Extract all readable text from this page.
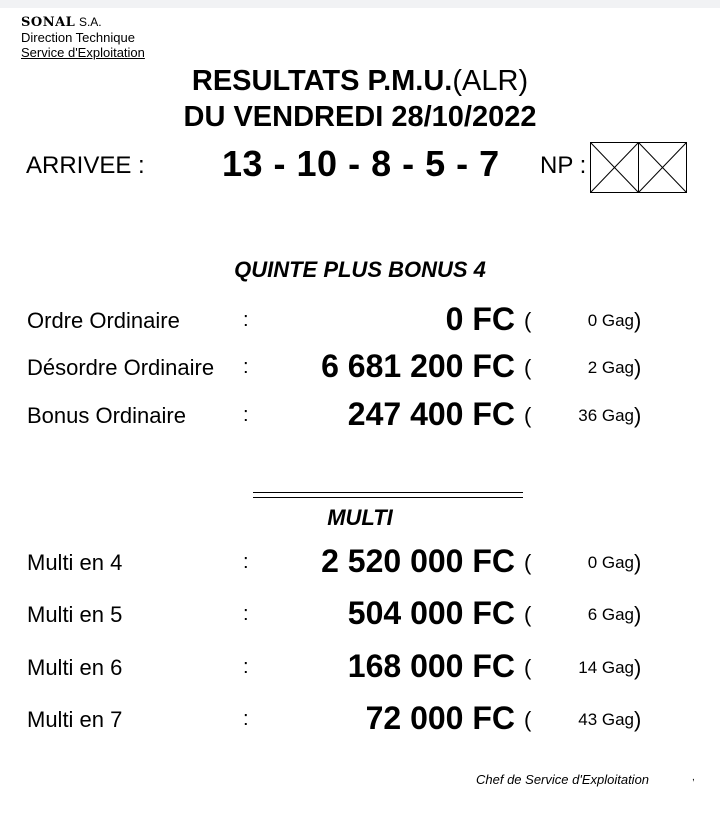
SONAL S.A.
Direction Technique
Service d'Exploitation
RESULTATS P.M.U.(ALR)
DU VENDREDI 28/10/2022
ARRIVEE : 13 - 10 - 8 - 5 - 7 NP :
QUINTE PLUS BONUS 4
Ordre Ordinaire	:	0 FC (	0 Gag )
Désordre Ordinaire : 6 681 200 FC (	2 Gag )
Bonus Ordinaire	:	247 400 FC (	36 Gag )
MULTI
Multi en 4	: 2 520 000 FC (	0 Gag )
Multi en 5	:	504 000 FC (	6 Gag )
Multi en 6	:	168 000 FC (	14 Gag )
Multi en 7	:	72 000 FC (	43 Gag )
Chef de Service d'Exploitation	,
